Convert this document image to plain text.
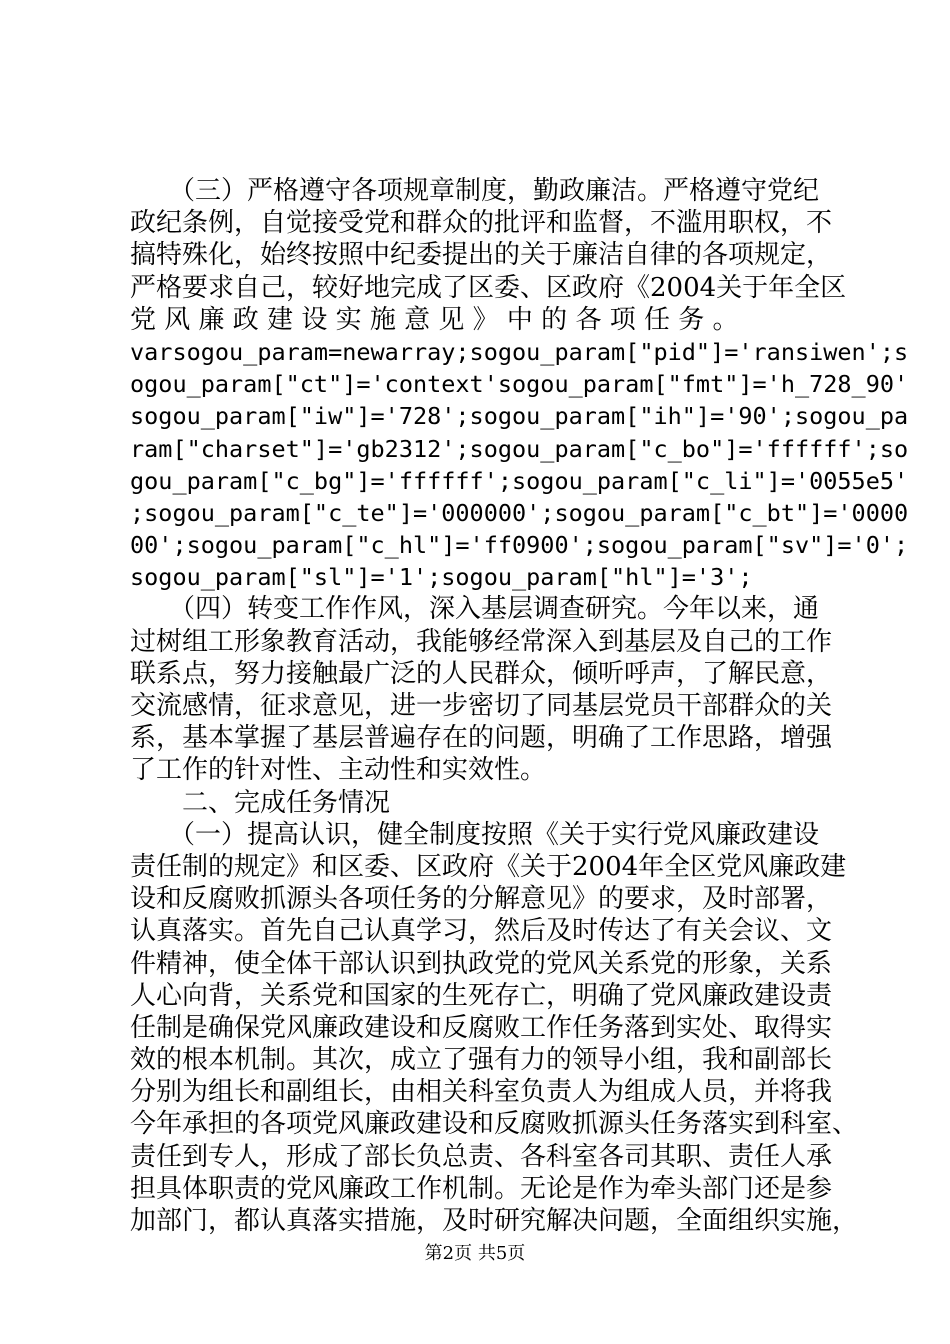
　　（三）严格遵守各项规章制度，勤政廉洁。严格遵守党纪
政纪条例，自觉接受党和群众的批评和监督，不滥用职权，不
搞特殊化，始终按照中纪委提出的关于廉洁自律的各项规定，
严格要求自己，较好地完成了区委、区政府《2004关于年全区
党 风 廉 政 建 设 实 施 意 见 》 中 的 各 项 任 务 。
varsogou_param=newarray;sogou_param["pid"]='ransiwen';s
ogou_param["ct"]='context'sogou_param["fmt"]='h_728_90'
sogou_param["iw"]='728';sogou_param["ih"]='90';sogou_pa
ram["charset"]='gb2312';sogou_param["c_bo"]='ffffff';so
gou_param["c_bg"]='ffffff';sogou_param["c_li"]='0055e5'
;sogou_param["c_te"]='000000';sogou_param["c_bt"]='0000
00';sogou_param["c_hl"]='ff0900';sogou_param["sv"]='0';
sogou_param["sl"]='1';sogou_param["hl"]='3';
　　（四）转变工作作风，深入基层调查研究。今年以来，通
过树组工形象教育活动，我能够经常深入到基层及自己的工作
联系点，努力接触最广泛的人民群众，倾听呼声，了解民意，
交流感情，征求意见，进一步密切了同基层党员干部群众的关
系，基本掌握了基层普遍存在的问题，明确了工作思路，增强
了工作的针对性、主动性和实效性。
　　二、完成任务情况
　　（一）提高认识，健全制度按照《关于实行党风廉政建设
责任制的规定》和区委、区政府《关于2004年全区党风廉政建
设和反腐败抓源头各项任务的分解意见》的要求，及时部署，
认真落实。首先自己认真学习，然后及时传达了有关会议、文
件精神，使全体干部认识到执政党的党风关系党的形象，关系
人心向背，关系党和国家的生死存亡，明确了党风廉政建设责
任制是确保党风廉政建设和反腐败工作任务落到实处、取得实
效的根本机制。其次，成立了强有力的领导小组，我和副部长
分别为组长和副组长，由相关科室负责人为组成人员，并将我
今年承担的各项党风廉政建设和反腐败抓源头任务落实到科室、
责任到专人，形成了部长负总责、各科室各司其职、责任人承
担具体职责的党风廉政工作机制。无论是作为牵头部门还是参
加部门，都认真落实措施，及时研究解决问题，全面组织实施，
第2页 共5页
